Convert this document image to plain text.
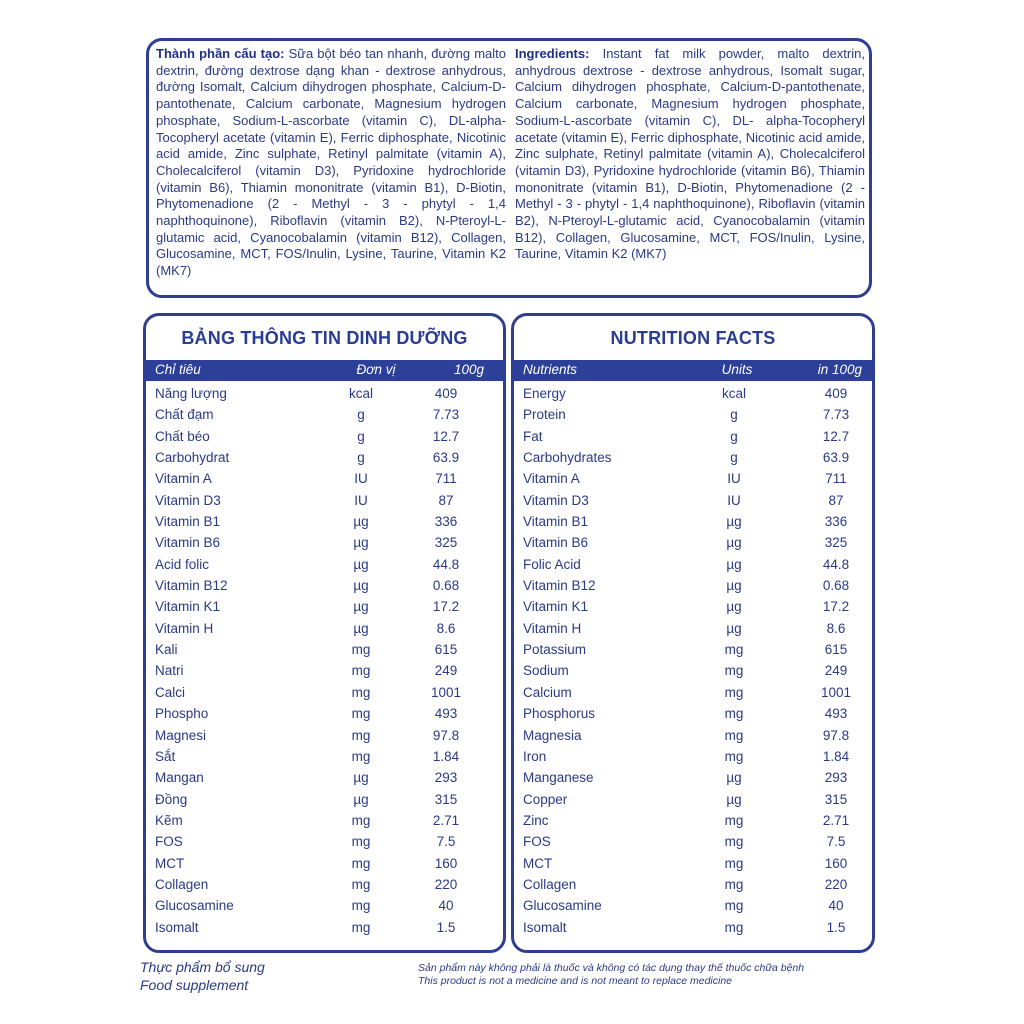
Thành phần cấu tạo: Sữa bột béo tan nhanh, đường malto dextrin, đường dextrose dạng khan - dextrose anhydrous, đường Isomalt, Calcium dihydrogen phosphate, Calcium-D-pantothenate, Calcium carbonate, Magnesium hydrogen phosphate, Sodium-L-ascorbate (vitamin C), DL-alpha-Tocopheryl acetate (vitamin E), Ferric diphosphate, Nicotinic acid amide, Zinc sulphate, Retinyl palmitate (vitamin A), Cholecalciferol (vitamin D3), Pyridoxine hydrochloride (vitamin B6), Thiamin mononitrate (vitamin B1), D-Biotin, Phytomenadione (2 - Methyl - 3 - phytyl - 1,4 naphthoquinone), Riboflavin (vitamin B2), N-Pteroyl-L-glutamic acid, Cyanocobalamin (vitamin B12), Collagen, Glucosamine, MCT, FOS/Inulin, Lysine, Taurine, Vitamin K2 (MK7)
Ingredients: Instant fat milk powder, malto dextrin, anhydrous dextrose - dextrose anhydrous, Isomalt sugar, Calcium dihydrogen phosphate, Calcium-D-pantothenate, Calcium carbonate, Magnesium hydrogen phosphate, Sodium-L-ascorbate (vitamin C), DL- alpha-Tocopheryl acetate (vitamin E), Ferric diphosphate, Nicotinic acid amide, Zinc sulphate, Retinyl palmitate (vitamin A), Cholecalciferol (vitamin D3), Pyridoxine hydrochloride (vitamin B6), Thiamin mononitrate (vitamin B1), D-Biotin, Phytomenadione (2 - Methyl - 3 - phytyl - 1,4 naphthoquinone), Riboflavin (vitamin B2), N-Pteroyl-L-glutamic acid, Cyanocobalamin (vitamin B12), Collagen, Glucosamine, MCT, FOS/Inulin, Lysine, Taurine, Vitamin K2 (MK7)
BẢNG THÔNG TIN DINH DƯỠNG
Chỉ tiêu	Đơn vị	100g
Năng lượng	kcal	409
Chất đạm	g	7.73
Chất béo	g	12.7
Carbohydrat	g	63.9
Vitamin A	IU	711
Vitamin D3	IU	87
Vitamin B1	µg	336
Vitamin B6	µg	325
Acid folic	µg	44.8
Vitamin B12	µg	0.68
Vitamin K1	µg	17.2
Vitamin H	µg	8.6
Kali	mg	615
Natri	mg	249
Calci	mg	1001
Phospho	mg	493
Magnesi	mg	97.8
Sắt	mg	1.84
Mangan	µg	293
Đồng	µg	315
Kẽm	mg	2.71
FOS	mg	7.5
MCT	mg	160
Collagen	mg	220
Glucosamine	mg	40
Isomalt	mg	1.5
NUTRITION FACTS
Nutrients	Units	in 100g
Energy	kcal	409
Protein	g	7.73
Fat	g	12.7
Carbohydrates	g	63.9
Vitamin A	IU	711
Vitamin D3	IU	87
Vitamin B1	µg	336
Vitamin B6	µg	325
Folic Acid	µg	44.8
Vitamin B12	µg	0.68
Vitamin K1	µg	17.2
Vitamin H	µg	8.6
Potassium	mg	615
Sodium	mg	249
Calcium	mg	1001
Phosphorus	mg	493
Magnesia	mg	97.8
Iron	mg	1.84
Manganese	µg	293
Copper	µg	315
Zinc	mg	2.71
FOS	mg	7.5
MCT	mg	160
Collagen	mg	220
Glucosamine	mg	40
Isomalt	mg	1.5
Thực phẩm bổ sung
Food supplement
Sản phẩm này không phải là thuốc và không có tác dụng thay thế thuốc chữa bệnh
This product is not a medicine and is not meant to replace medicine
